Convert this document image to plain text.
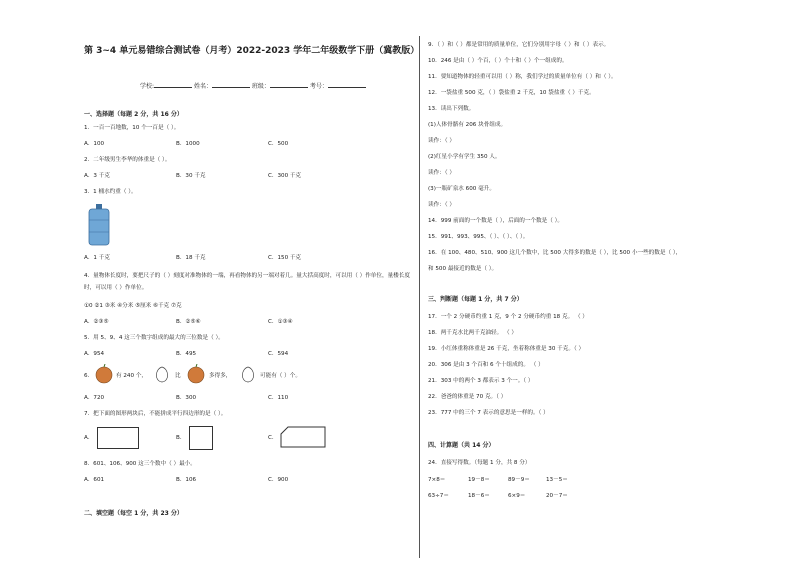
第 3~4 单元易错综合测试卷（月考）2022-2023 学年二年级数学下册（冀教版）
学校:	姓名：	班级：	考号：
一、选择题（每题 2 分，共 16 分）
1．一百一百地数，10 个一百是（ ）。
A．100	B．1000	C．500
2．二年级男生李华的体重是（ ）。
A．3 千克	B．30 千克	C．300 千克
3．1 桶水约重（ ）。
A．1 千克	B．18 千克	C．150 千克
4．量物体长度时，要把尺子的（ ）刻度对准物体的一端，再看物体的另一端对着几。量大括高度时，可以用（ ）作单位，量楼长度时，可以用（ ）作单位。
①0 ②1 ③米 ④分米 ⑤厘米 ⑥千克 ⑦克
A．②③⑤	B．②⑤⑥	C．①③④
5．用 5、9、4 这三个数字组成的最大的三位数是（ ）。
A．954	B．495	C．594
6．	有 240 个，	比	多得多，	可能有（ ）个。
A．720	B．300	C．110
7．把下面的图形两块后，不能拼成平行四边形的是（ ）。
A．	B．	C．
8．601、106、900 这三个数中（ ）最小。
A．601	B．106	C．900
二、填空题（每空 1 分，共 23 分）
9．（ ）和（ ）都是常用的质量单位，它们分别用字母（ ）和（ ）表示。
10．246 是由（ ）个百，（ ）个十和（ ）个一组成的。
11．要知道物体的轻重可以用（ ）称，我们学过的质量单位有（ ）和（ ）。
12．一袋盐重 500 克，（ ）袋盐重 2 千克，10 袋盐重（ ）千克。
13．读出下列数。
(1)人体骨骼有 206 块骨组成。
读作：（ ）
(2)红星小学有学生 350 人。
读作：（ ）
(3)一瓶矿泉水 600 毫升。
读作：（ ）
14．999 前面的一个数是（ ），后面的一个数是（ ）。
15．991、993、995、（ ）、（ ）、（ ）。
16．在 100、480、510、900 这几个数中，比 500 大得多的数是（ ），比 500 小一些的数是（ ），
和 500 最接近的数是（ ）。
三、判断题（每题 1 分，共 7 分）
17．一个 2 分硬币约重 1 克，9 个 2 分硬币约重 18 克。 （ ）
18．两千克水比两千克油轻。 （ ）
19．小红体重称体重是 26 千克，坐着称体重是 30 千克。（ ）
20．306 是由 3 个百和 6 个十组成的。 （ ）
21．303 中的两个 3 都表示 3 个一。（ ）
22．爸爸的体重是 70 克。（ ）
23．777 中的三个 7 表示的意思是一样的。（ ）
四、计算题（共 14 分）
24．直接写得数。（每题 1 分，共 8 分）
7×8＝	19－8＝	89－9＝	13－5＝
63÷7＝	18－6＝	6×9＝	20－7＝
